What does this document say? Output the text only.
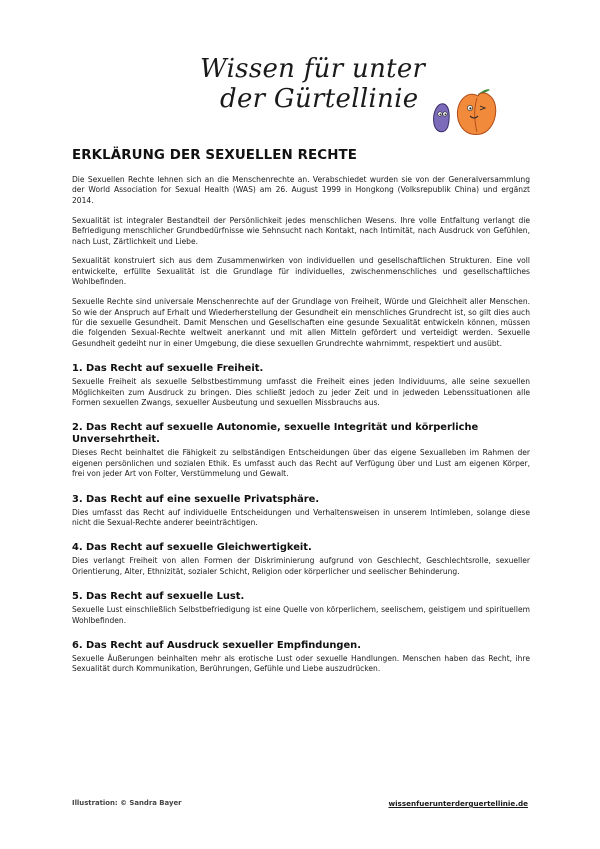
Wissen für unter
der Gürtellinie
ERKLÄRUNG DER SEXUELLEN RECHTE

Die Sexuellen Rechte lehnen sich an die Menschenrechte an. Verabschiedet wurden sie von der Generalversammlung der World Association for Sexual Health (WAS) am 26. August 1999 in Hongkong (Volksrepublik China) und ergänzt 2014.

Sexualität ist integraler Bestandteil der Persönlichkeit jedes menschlichen Wesens. Ihre volle Entfaltung verlangt die Befriedigung menschlicher Grundbedürfnisse wie Sehnsucht nach Kontakt, nach Intimität, nach Ausdruck von Gefühlen, nach Lust, Zärtlichkeit und Liebe.

Sexualität konstruiert sich aus dem Zusammenwirken von individuellen und gesellschaftlichen Strukturen. Eine voll entwickelte, erfüllte Sexualität ist die Grundlage für individuelles, zwischenmenschliches und gesellschaftliches Wohlbefinden.

Sexuelle Rechte sind universale Menschenrechte auf der Grundlage von Freiheit, Würde und Gleichheit aller Menschen. So wie der Anspruch auf Erhalt und Wiederherstellung der Gesundheit ein menschliches Grundrecht ist, so gilt dies auch für die sexuelle Gesundheit. Damit Menschen und Gesellschaften eine gesunde Sexualität entwickeln können, müssen die folgenden Sexual-Rechte weltweit anerkannt und mit allen Mitteln gefördert und verteidigt werden. Sexuelle Gesundheit gedeiht nur in einer Umgebung, die diese sexuellen Grundrechte wahrnimmt, respektiert und ausübt.

1. Das Recht auf sexuelle Freiheit.

Sexuelle Freiheit als sexuelle Selbstbestimmung umfasst die Freiheit eines jeden Individuums, alle seine sexuellen Möglichkeiten zum Ausdruck zu bringen. Dies schließt jedoch zu jeder Zeit und in jedweden Lebenssituationen alle Formen sexuellen Zwangs, sexueller Ausbeutung und sexuellen Missbrauchs aus.

2. Das Recht auf sexuelle Autonomie, sexuelle Integrität und körperliche Unversehrtheit.

Dieses Recht beinhaltet die Fähigkeit zu selbständigen Entscheidungen über das eigene Sexualleben im Rahmen der eigenen persönlichen und sozialen Ethik. Es umfasst auch das Recht auf Verfügung über und Lust am eigenen Körper, frei von jeder Art von Folter, Verstümmelung und Gewalt.

3. Das Recht auf eine sexuelle Privatsphäre.

Dies umfasst das Recht auf individuelle Entscheidungen und Verhaltensweisen in unserem Intimleben, solange diese nicht die Sexual-Rechte anderer beeinträchtigen.

4. Das Recht auf sexuelle Gleichwertigkeit.

Dies verlangt Freiheit von allen Formen der Diskriminierung aufgrund von Geschlecht, Geschlechtsrolle, sexueller Orientierung, Alter, Ethnizität, sozialer Schicht, Religion oder körperlicher und seelischer Behinderung.

5. Das Recht auf sexuelle Lust.

Sexuelle Lust einschließlich Selbstbefriedigung ist eine Quelle von körperlichem, seelischem, geistigem und spirituellem Wohlbefinden.

6. Das Recht auf Ausdruck sexueller Empfindungen.

Sexuelle Äußerungen beinhalten mehr als erotische Lust oder sexuelle Handlungen. Menschen haben das Recht, ihre Sexualität durch Kommunikation, Berührungen, Gefühle und Liebe auszudrücken.

Illustration: © Sandra Bayer	wissenfuerunterderguertellinie.de
